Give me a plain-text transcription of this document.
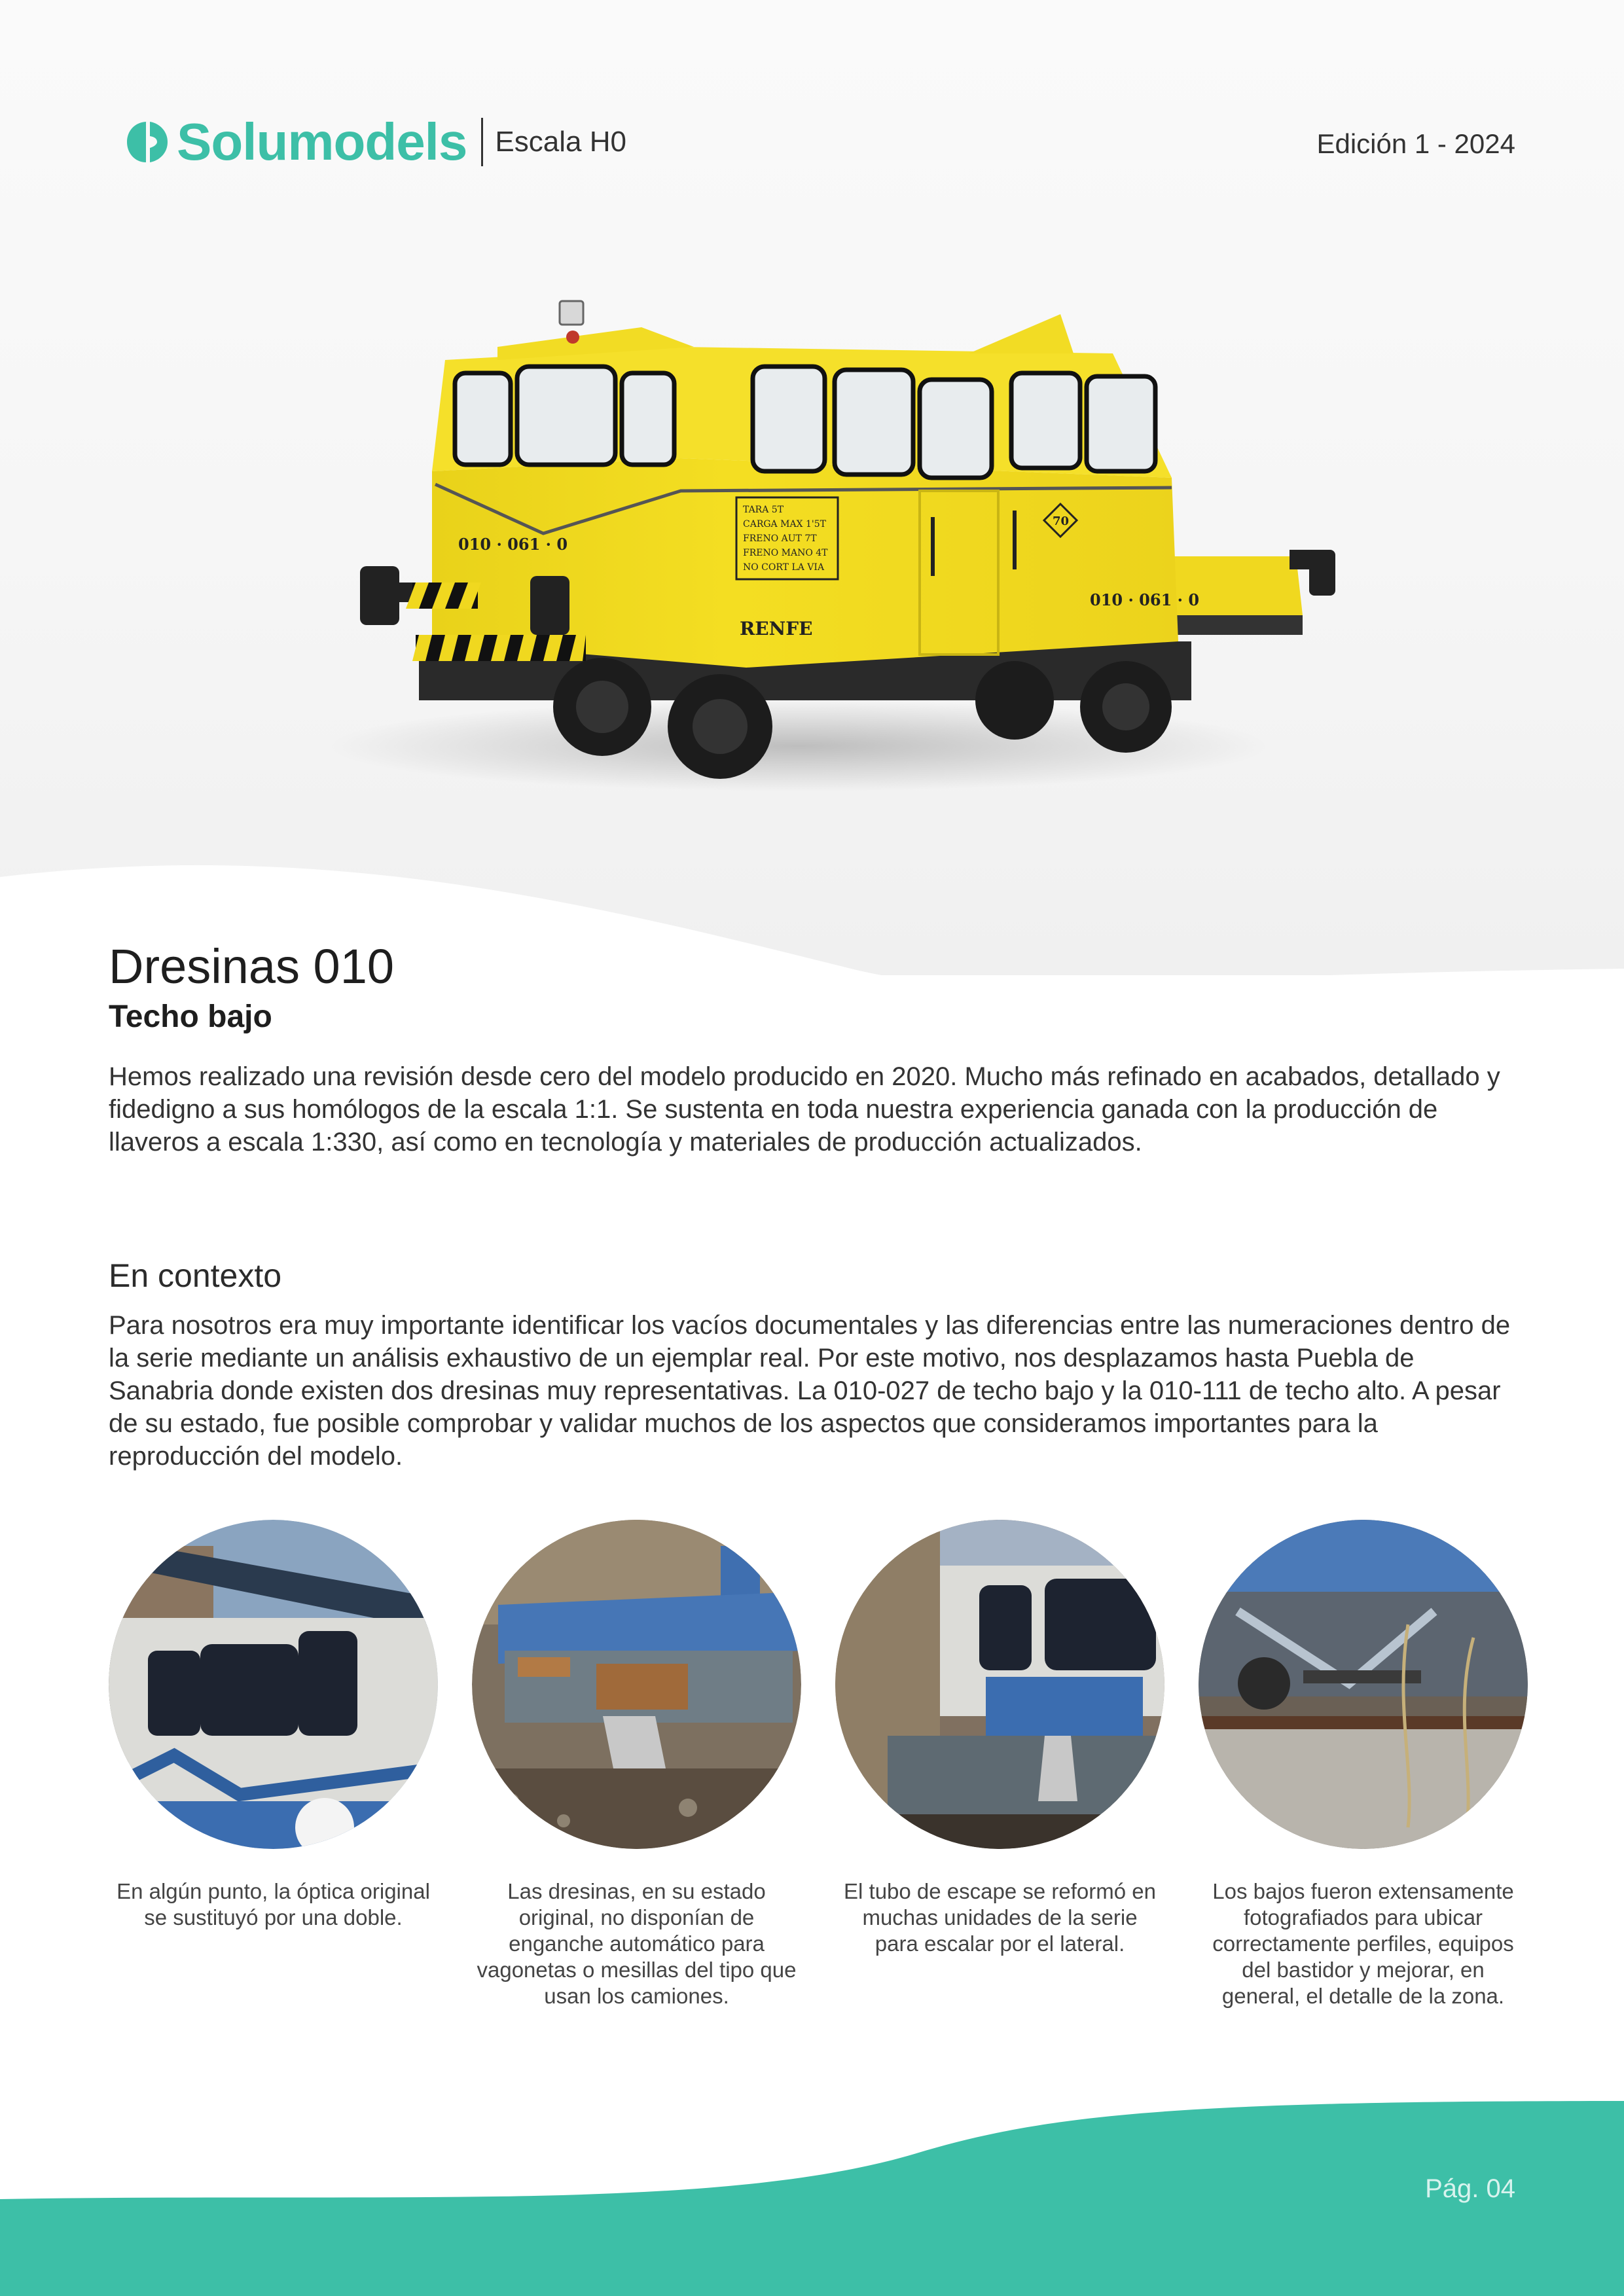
Solumodels Escala H0	Edición 1 - 2024
010 · 061 · 0
010 · 061 · 0
RENFE
TARA 5T
CARGA MAX 1'5T
FRENO AUT 7T
FRENO MANO 4T
NO CORT LA VIA
70
Dresinas 010
Techo bajo

Hemos realizado una revisión desde cero del modelo producido en 2020. Mucho más refinado en acabados, detallado y fidedigno a sus homólogos de la escala 1:1. Se sustenta en toda nuestra experiencia ganada con la producción de llaveros a escala 1:330, así como en tecnología y materiales de producción actualizados.

En contexto

Para nosotros era muy importante identificar los vacíos documentales y las diferencias entre las numeraciones dentro de la serie mediante un análisis exhaustivo de un ejemplar real. Por este motivo, nos desplazamos hasta Puebla de Sanabria donde existen dos dresinas muy representativas. La 010-027 de techo bajo y la 010-111 de techo alto. A pesar de su estado, fue posible comprobar y validar muchos de los aspectos que consideramos importantes para la reproducción del modelo.

En algún punto, la óptica original se sustituyó por una doble.
Las dresinas, en su estado original, no disponían de enganche automático para vagonetas o mesillas del tipo que usan los camiones.
El tubo de escape se reformó en muchas unidades de la serie para escalar por el lateral.
Los bajos fueron extensamente fotografiados para ubicar correctamente perfiles, equipos del bastidor y mejorar, en general, el detalle de la zona.
Pág. 04
